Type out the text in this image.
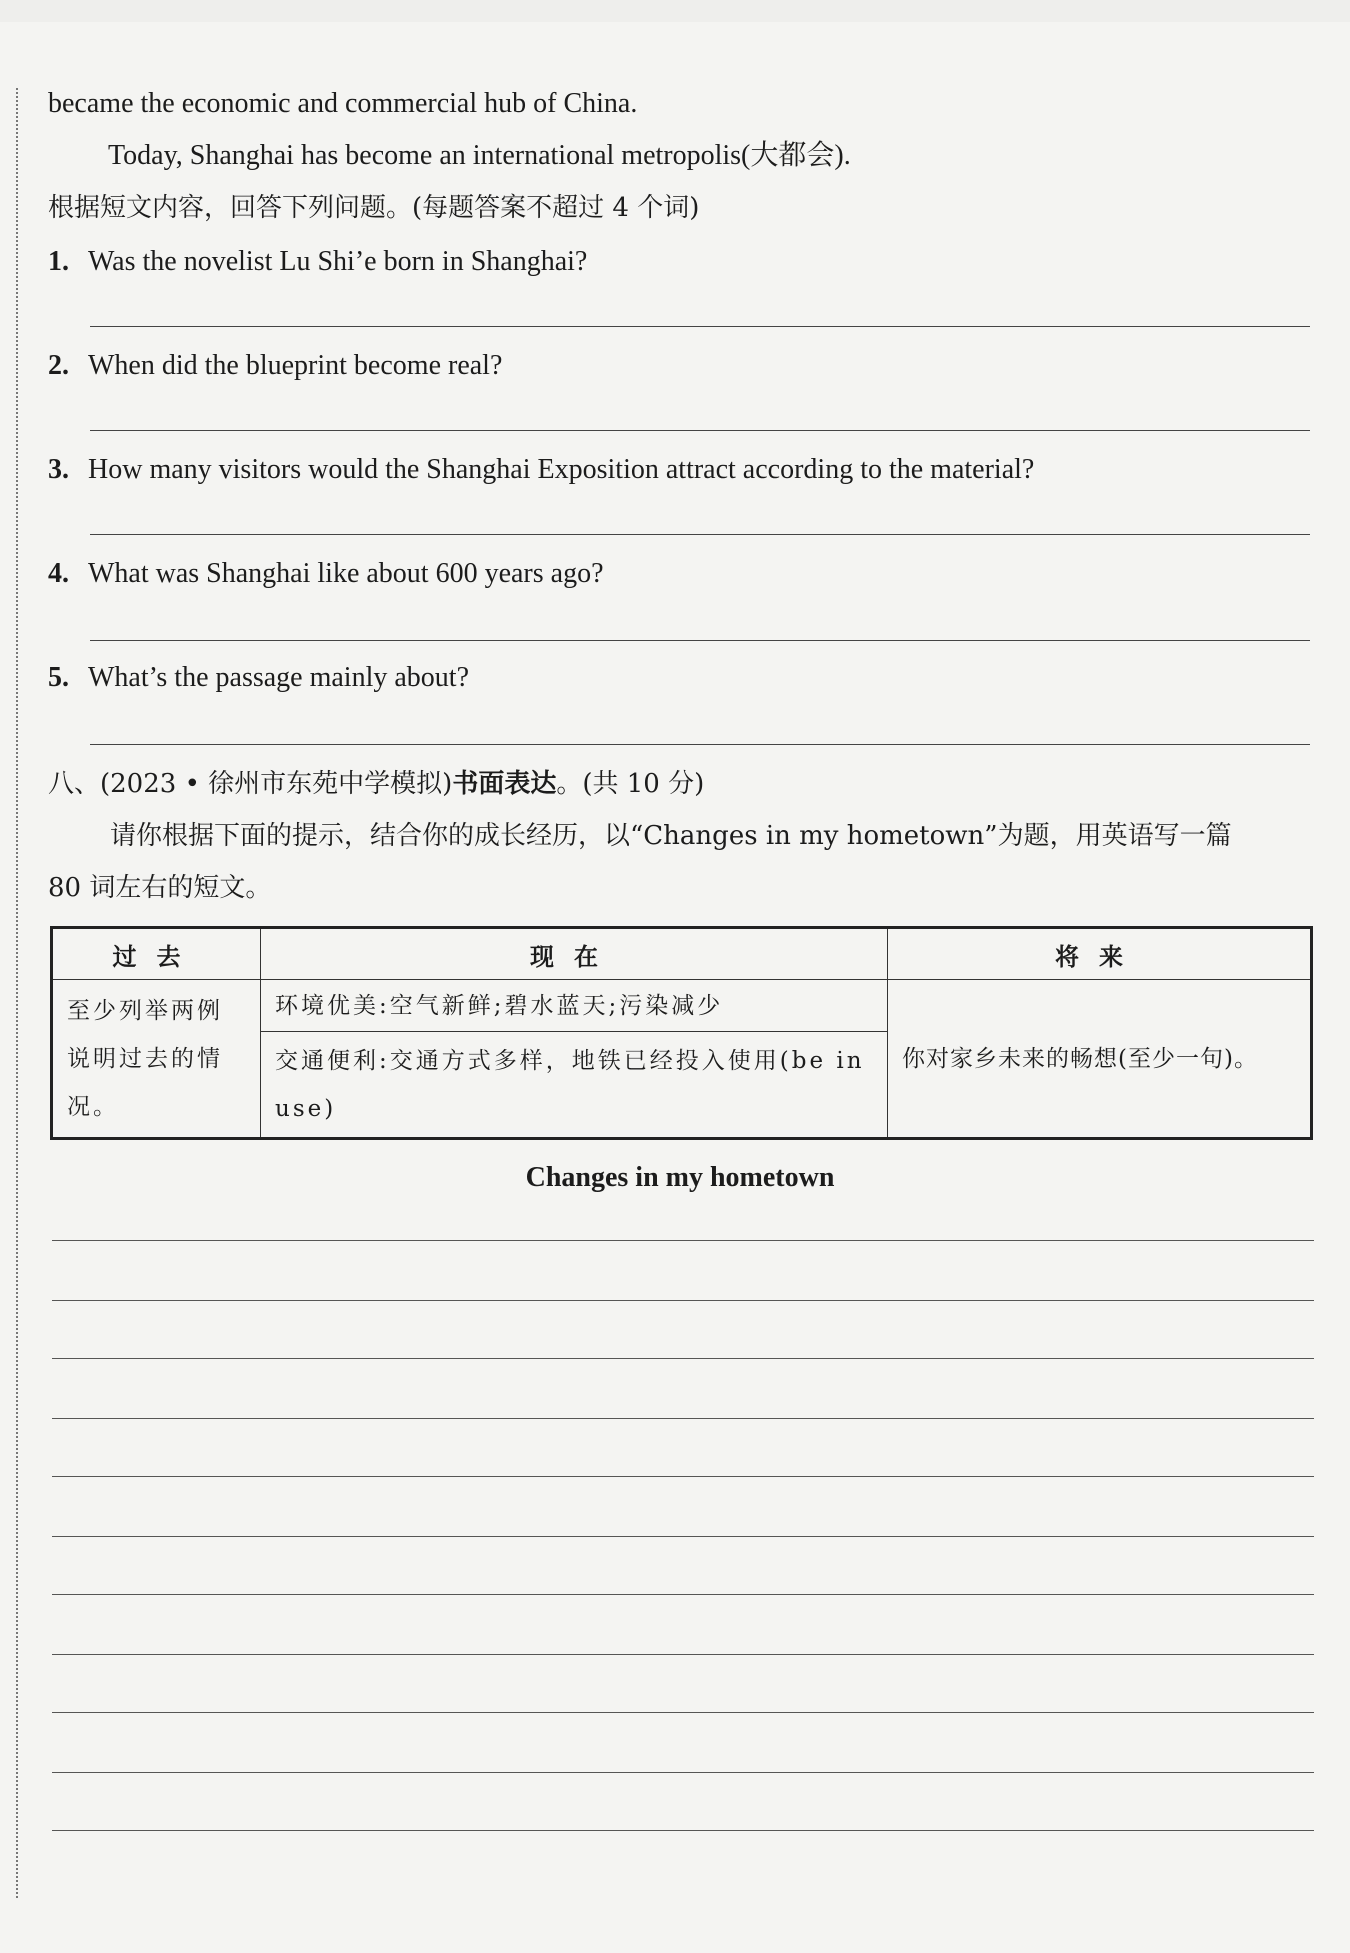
became the economic and commercial hub of China.
Today, Shanghai has become an international metropolis(大都会).
根据短文内容，回答下列问题。(每题答案不超过 4 个词)
1. Was the novelist Lu Shi’e born in Shanghai?
2. When did the blueprint become real?
3. How many visitors would the Shanghai Exposition attract according to the material?
4. What was Shanghai like about 600 years ago?
5. What’s the passage mainly about?
八、(2023 • 徐州市东苑中学模拟)书面表达。(共 10 分)
请你根据下面的提示，结合你的成长经历，以“Changes in my hometown”为题，用英语写一篇
80 词左右的短文。
过去	现在	将来

至少列举两例说明过去的情况。	环境优美:空气新鲜;碧水蓝天;污染减少	你对家乡未来的畅想(至少一句)。

	交通便利:交通方式多样，地铁已经投入使用(be in use)	
Changes in my hometown
